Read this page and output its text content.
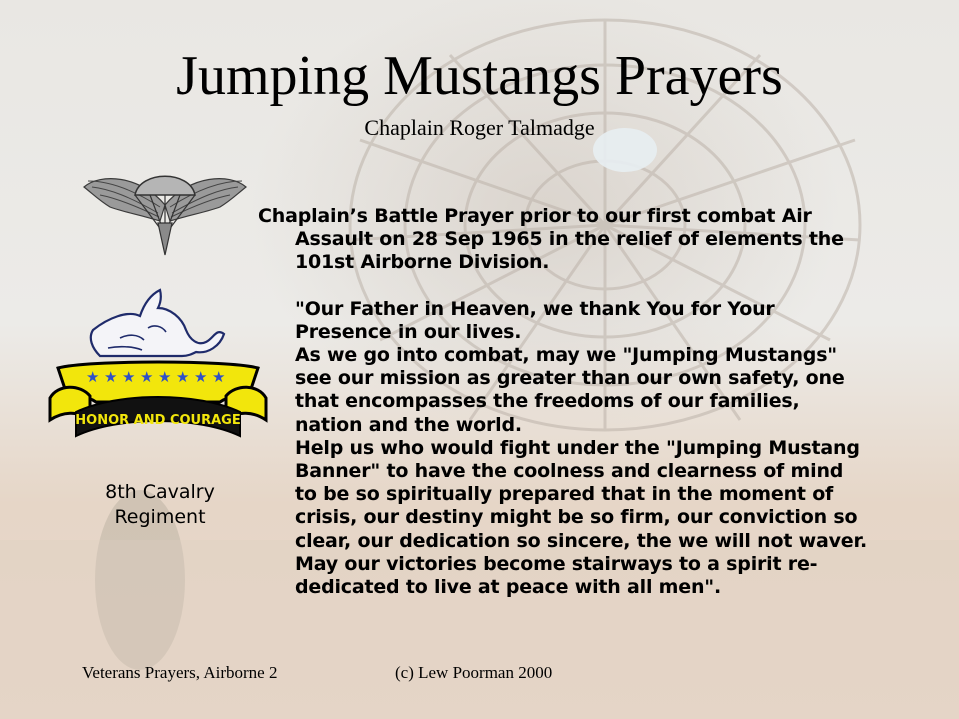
Jumping Mustangs Prayers
Chaplain Roger Talmadge
★ ★ ★ ★ ★ ★ ★ ★
HONOR AND COURAGE
8th Cavalry
Regiment

Chaplain’s Battle Prayer prior to our first combat Air Assault on 28 Sep 1965 in the relief of elements the 101st Airborne Division.

"Our Father in Heaven, we thank You for Your Presence in our lives.

As we go into combat, may we "Jumping Mustangs" see our mission as greater than our own safety, one that encompasses the freedoms of our families, nation and the world.

Help us who would fight under the "Jumping Mustang Banner" to have the coolness and clearness of mind to be so spiritually prepared that in the moment of crisis, our destiny might be so firm, our conviction so clear, our dedication so sincere, the we will not waver.

May our victories become stairways to a spirit re-dedicated to live at peace with all men".

Veterans Prayers, Airborne 2	(c) Lew Poorman 2000
